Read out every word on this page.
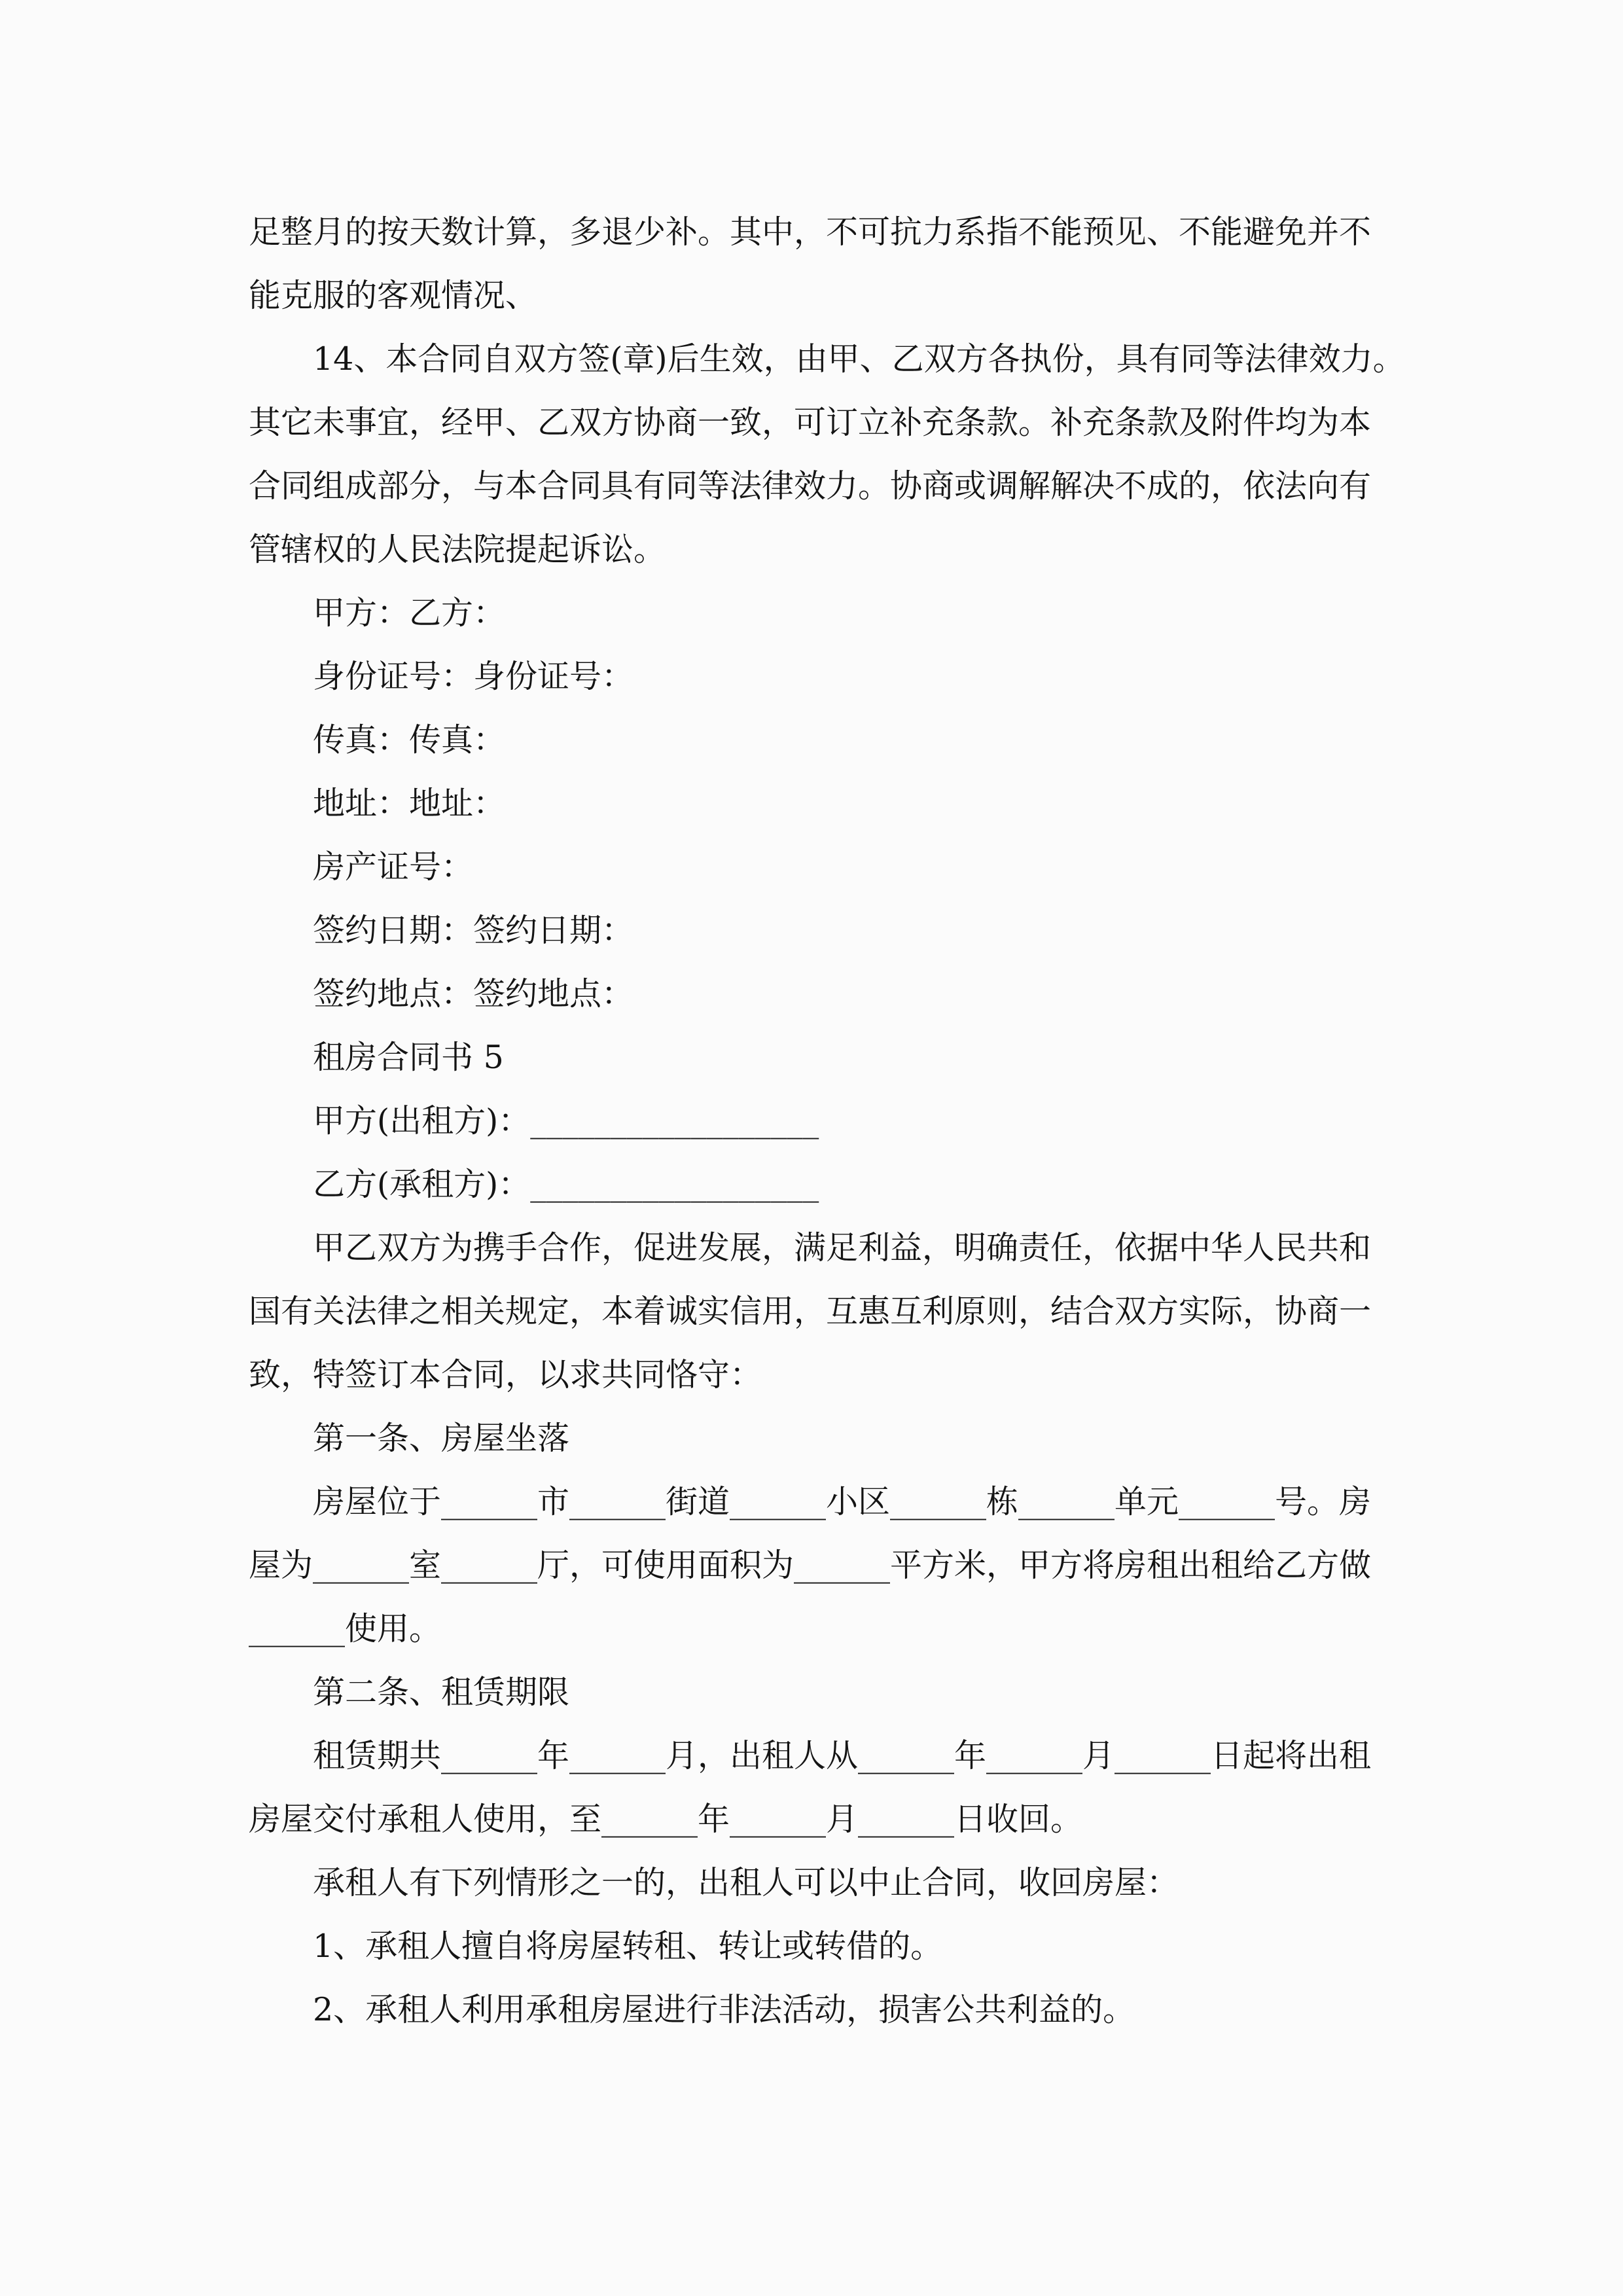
足整月的按天数计算，多退少补。其中，不可抗力系指不能预见、不能避免并不
能克服的客观情况、
14、本合同自双方签(章)后生效，由甲、乙双方各执份，具有同等法律效力。
其它未事宜，经甲、乙双方协商一致，可订立补充条款。补充条款及附件均为本
合同组成部分，与本合同具有同等法律效力。协商或调解解决不成的，依法向有
管辖权的人民法院提起诉讼。
甲方：乙方：
身份证号：身份证号：
传真：传真：
地址：地址：
房产证号：
签约日期：签约日期：
签约地点：签约地点：
租房合同书 5
甲方(出租方)：__________________
乙方(承租方)：__________________
甲乙双方为携手合作，促进发展，满足利益，明确责任，依据中华人民共和
国有关法律之相关规定，本着诚实信用，互惠互利原则，结合双方实际，协商一
致，特签订本合同，以求共同恪守：
第一条、房屋坐落
房屋位于______市______街道______小区______栋______单元______号。房
屋为______室______厅，可使用面积为______平方米，甲方将房租出租给乙方做
______使用。
第二条、租赁期限
租赁期共______年______月，出租人从______年______月______日起将出租
房屋交付承租人使用，至______年______月______日收回。
承租人有下列情形之一的，出租人可以中止合同，收回房屋：
1、承租人擅自将房屋转租、转让或转借的。
2、承租人利用承租房屋进行非法活动，损害公共利益的。
